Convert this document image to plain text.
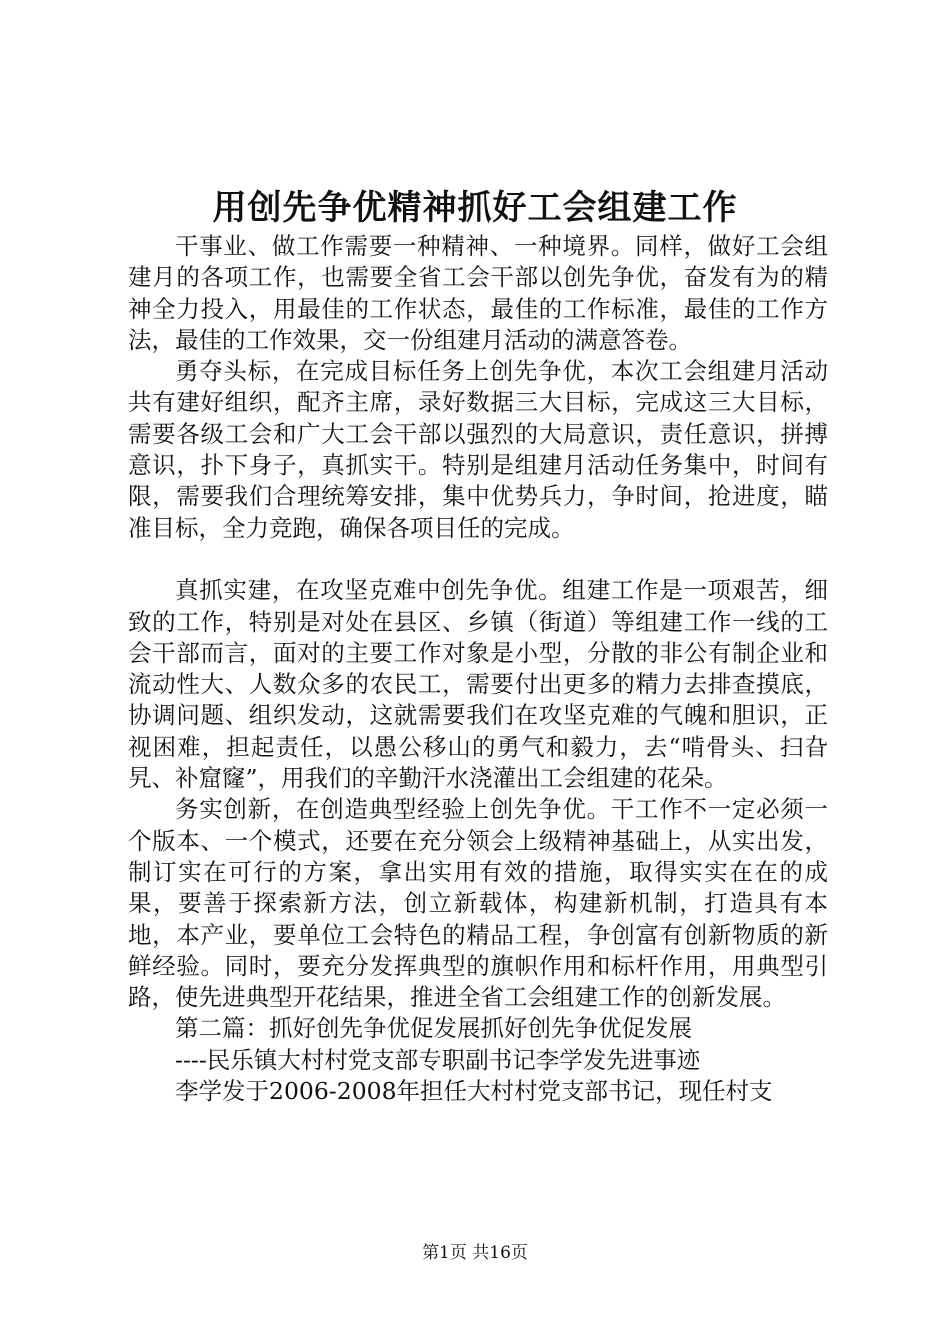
用创先争优精神抓好工会组建工作

干事业、做工作需要一种精神、一种境界。同样，做好工会组建月的各项工作，也需要全省工会干部以创先争优，奋发有为的精神全力投入，用最佳的工作状态，最佳的工作标准，最佳的工作方法，最佳的工作效果，交一份组建月活动的满意答卷。

勇夺头标，在完成目标任务上创先争优，本次工会组建月活动共有建好组织，配齐主席，录好数据三大目标，完成这三大目标，需要各级工会和广大工会干部以强烈的大局意识，责任意识，拼搏意识，扑下身子，真抓实干。特别是组建月活动任务集中，时间有限，需要我们合理统筹安排，集中优势兵力，争时间，抢进度，瞄准目标，全力竞跑，确保各项目任的完成。

真抓实建，在攻坚克难中创先争优。组建工作是一项艰苦，细致的工作，特别是对处在县区、乡镇（街道）等组建工作一线的工会干部而言，面对的主要工作对象是小型，分散的非公有制企业和流动性大、人数众多的农民工，需要付出更多的精力去排查摸底，协调问题、组织发动，这就需要我们在攻坚克难的气魄和胆识，正视困难，担起责任，以愚公移山的勇气和毅力，去“啃骨头、扫旮旯、补窟窿”，用我们的辛勤汗水浇灌出工会组建的花朵。

务实创新，在创造典型经验上创先争优。干工作不一定必须一个版本、一个模式，还要在充分领会上级精神基础上，从实出发，制订实在可行的方案，拿出实用有效的措施，取得实实在在的成果，要善于探索新方法，创立新载体，构建新机制，打造具有本地，本产业，要单位工会特色的精品工程，争创富有创新物质的新鲜经验。同时，要充分发挥典型的旗帜作用和标杆作用，用典型引路，使先进典型开花结果，推进全省工会组建工作的创新发展。

第二篇：抓好创先争优促发展抓好创先争优促发展

----民乐镇大村村党支部专职副书记李学发先进事迹

李学发于2006-2008年担任大村村党支部书记，现任村支

第1页 共16页
